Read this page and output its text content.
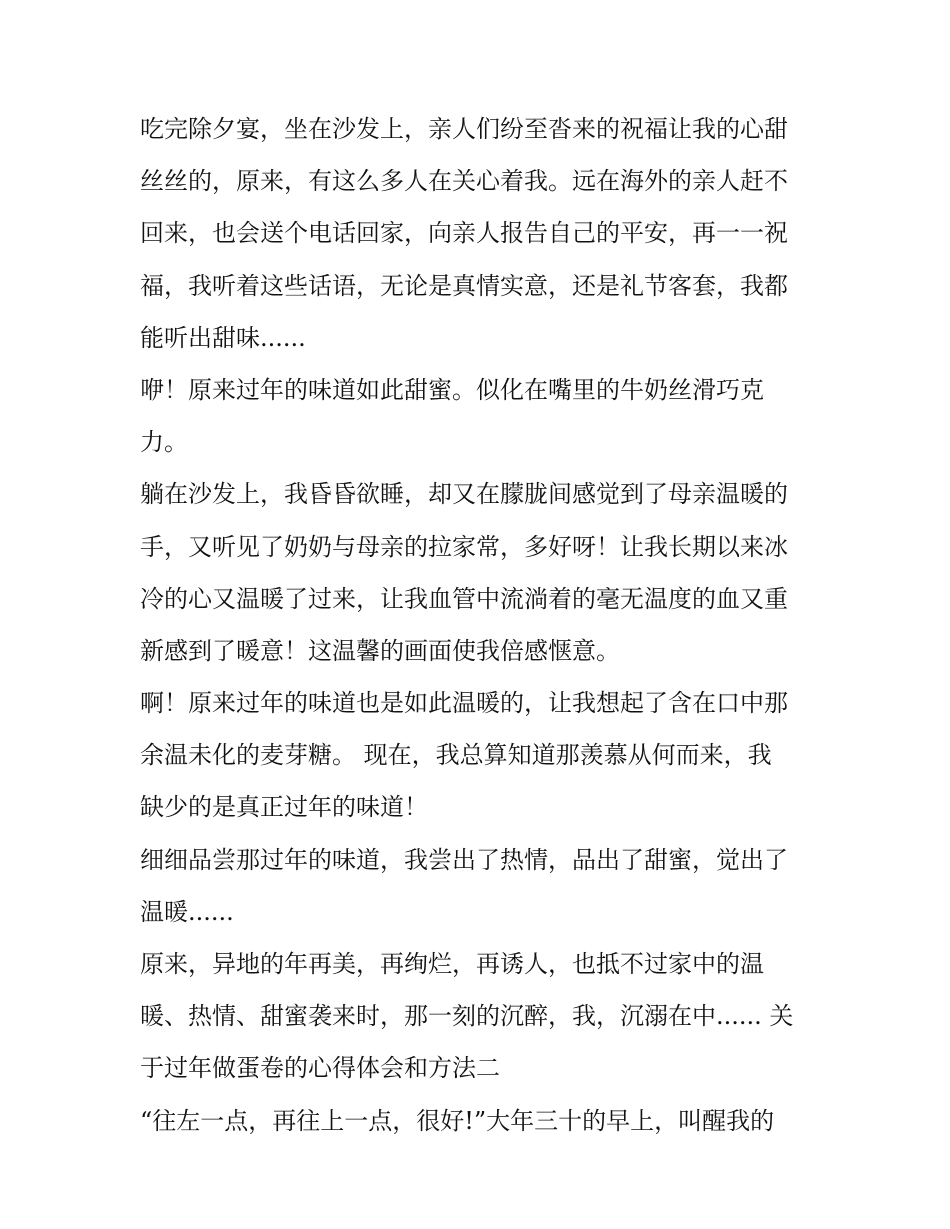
吃完除夕宴，坐在沙发上，亲人们纷至沓来的祝福让我的心甜
丝丝的，原来，有这么多人在关心着我。远在海外的亲人赶不
回来，也会送个电话回家，向亲人报告自己的平安，再一一祝
福，我听着这些话语，无论是真情实意，还是礼节客套，我都
能听出甜味......
咿！原来过年的味道如此甜蜜。似化在嘴里的牛奶丝滑巧克
力。
躺在沙发上，我昏昏欲睡，却又在朦胧间感觉到了母亲温暖的
手，又听见了奶奶与母亲的拉家常，多好呀！让我长期以来冰
冷的心又温暖了过来，让我血管中流淌着的毫无温度的血又重
新感到了暖意！这温馨的画面使我倍感惬意。
啊！原来过年的味道也是如此温暖的，让我想起了含在口中那
余温未化的麦芽糖。 现在，我总算知道那羡慕从何而来，我
缺少的是真正过年的味道！
细细品尝那过年的味道，我尝出了热情，品出了甜蜜，觉出了
温暖......
原来，异地的年再美，再绚烂，再诱人，也抵不过家中的温
暖、热情、甜蜜袭来时，那一刻的沉醉，我，沉溺在中...... 关
于过年做蛋卷的心得体会和方法二
“往左一点，再往上一点，很好!”大年三十的早上，叫醒我的
